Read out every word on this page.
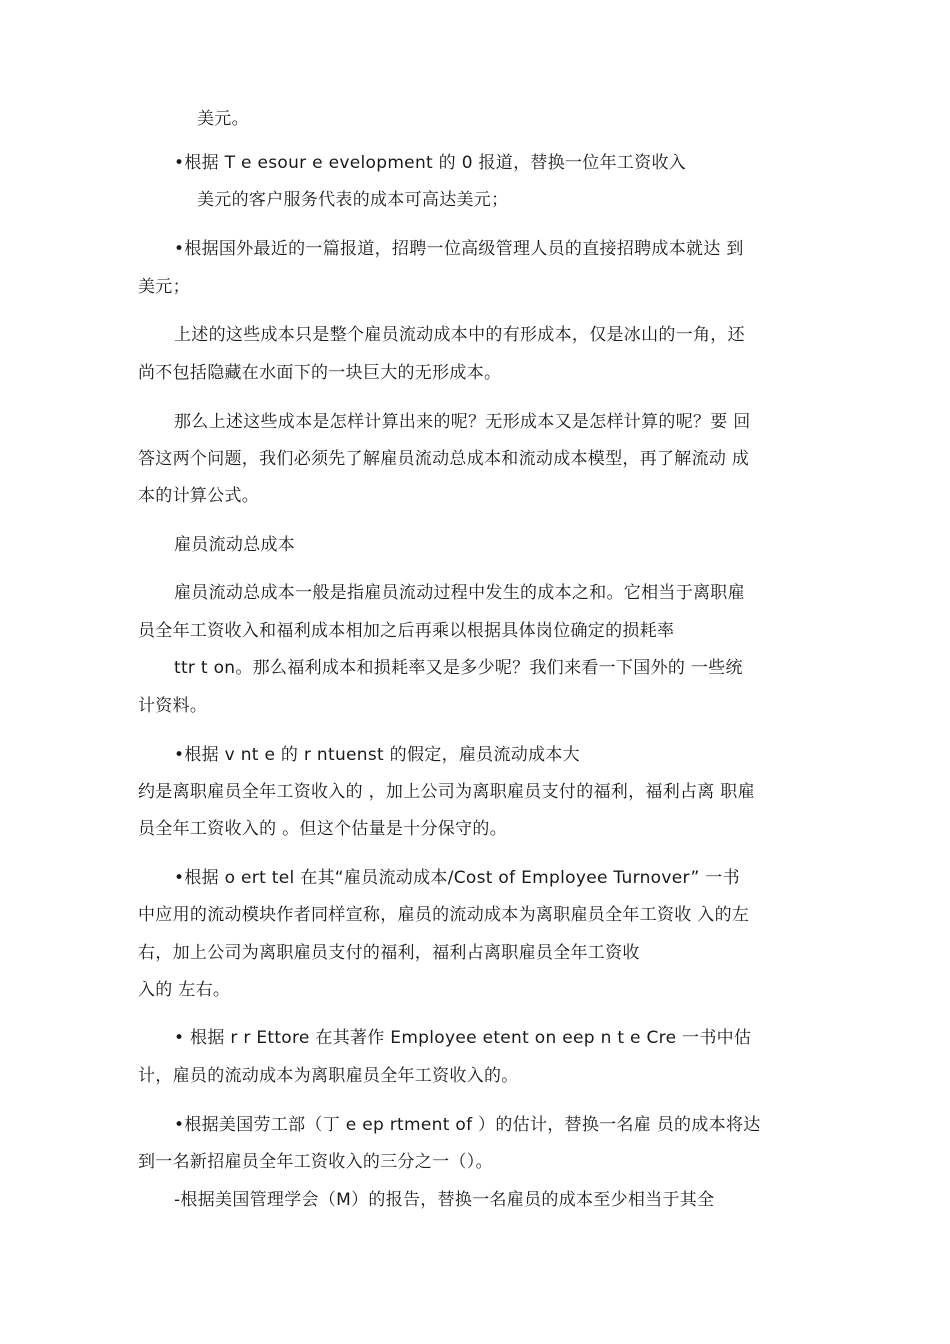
美元。

•根据 T e esour e evelopment 的 0 报道，替换一位年工资收入

美元的客户服务代表的成本可高达美元；

•根据国外最近的一篇报道，招聘一位高级管理人员的直接招聘成本就达 到

美元；

上述的这些成本只是整个雇员流动成本中的有形成本，仅是冰山的一角，还

尚不包括隐藏在水面下的一块巨大的无形成本。

那么上述这些成本是怎样计算出来的呢？无形成本又是怎样计算的呢？要 回

答这两个问题，我们必须先了解雇员流动总成本和流动成本模型，再了解流动 成

本的计算公式。

雇员流动总成本

雇员流动总成本一般是指雇员流动过程中发生的成本之和。它相当于离职雇

员全年工资收入和福利成本相加之后再乘以根据具体岗位确定的损耗率

ttr t on。那么福利成本和损耗率又是多少呢？我们来看一下国外的 一些统

计资料。

•根据 v nt e 的 r ntuenst 的假定，雇员流动成本大

约是离职雇员全年工资收入的 ，加上公司为离职雇员支付的福利，福利占离 职雇

员全年工资收入的 。但这个估量是十分保守的。

•根据 o ert tel 在其“雇员流动成本/Cost of Employee Turnover” 一书

中应用的流动模块作者同样宣称，雇员的流动成本为离职雇员全年工资收 入的左

右，加上公司为离职雇员支付的福利，福利占离职雇员全年工资收

入的 左右。

• 根据 r r Ettore 在其著作 Employee etent on eep n t e Cre 一书中估

计，雇员的流动成本为离职雇员全年工资收入的。

•根据美国劳工部（丁 e ep rtment of ）的估计，替换一名雇 员的成本将达

到一名新招雇员全年工资收入的三分之一（）。

-根据美国管理学会（M）的报告，替换一名雇员的成本至少相当于其全
